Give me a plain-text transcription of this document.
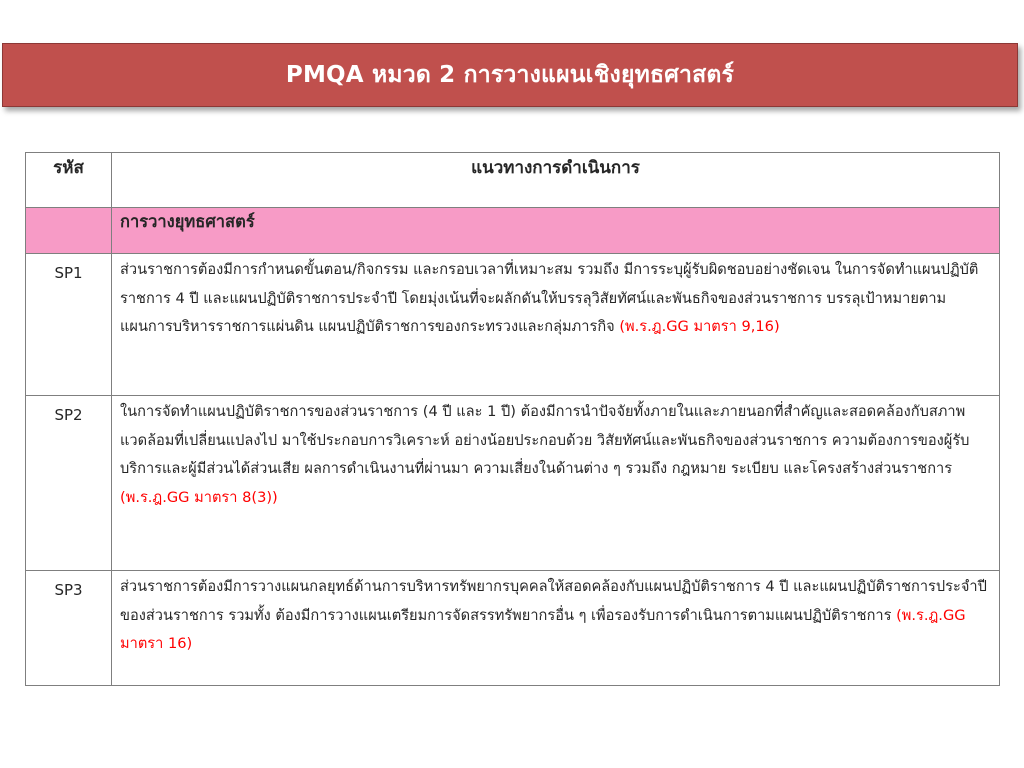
PMQA หมวด 2 การวางแผนเชิงยุทธศาสตร์
รหัส	แนวทางการดำเนินการ
	การวางยุทธศาสตร์
SP1	ส่วนราชการต้องมีการกำหนดขั้นตอน/กิจกรรม และกรอบเวลาที่เหมาะสม รวมถึง มีการระบุผู้รับผิดชอบอย่างชัดเจน ในการจัดทำแผนปฏิบัติราชการ 4 ปี และแผนปฏิบัติราชการประจำปี โดยมุ่งเน้นที่จะผลักดันให้บรรลุวิสัยทัศน์และพันธกิจของส่วนราชการ บรรลุเป้าหมายตามแผนการบริหารราชการแผ่นดิน แผนปฏิบัติราชการของกระทรวงและกลุ่มภารกิจ (พ.ร.ฎ.GG มาตรา 9,16)
SP2	ในการจัดทำแผนปฏิบัติราชการของส่วนราชการ (4 ปี และ 1 ปี) ต้องมีการนำปัจจัยทั้งภายในและภายนอกที่สำคัญและสอดคล้องกับสภาพแวดล้อมที่เปลี่ยนแปลงไป มาใช้ประกอบการวิเคราะห์ อย่างน้อยประกอบด้วย วิสัยทัศน์และพันธกิจของส่วนราชการ ความต้องการของผู้รับบริการและผู้มีส่วนได้ส่วนเสีย ผลการดำเนินงานที่ผ่านมา ความเสี่ยงในด้านต่าง ๆ รวมถึง กฎหมาย ระเบียบ และโครงสร้างส่วนราชการ (พ.ร.ฎ.GG มาตรา 8(3))
SP3	ส่วนราชการต้องมีการวางแผนกลยุทธ์ด้านการบริหารทรัพยากรบุคคลให้สอดคล้องกับแผนปฏิบัติราชการ 4 ปี และแผนปฏิบัติราชการประจำปี ของส่วนราชการ รวมทั้ง ต้องมีการวางแผนเตรียมการจัดสรรทรัพยากรอื่น ๆ เพื่อรองรับการดำเนินการตามแผนปฏิบัติราชการ (พ.ร.ฎ.GG มาตรา 16)
